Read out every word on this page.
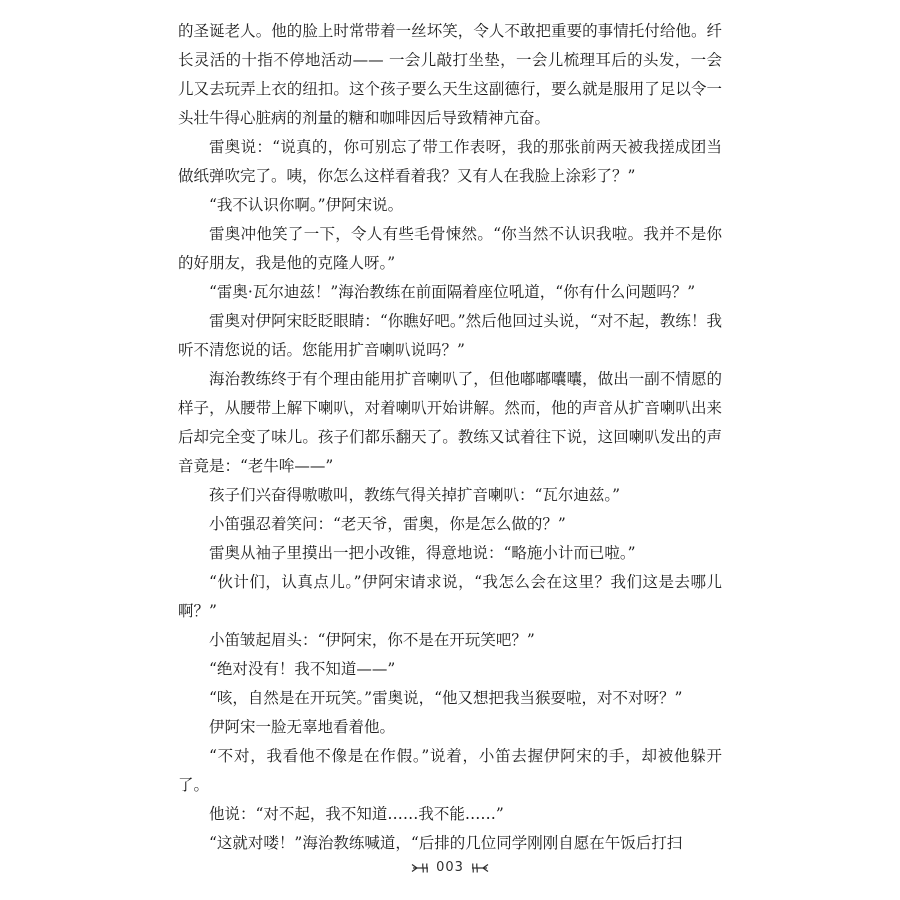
的圣诞老人。他的脸上时常带着一丝坏笑，令人不敢把重要的事情托付给他。纤长灵活的十指不停地活动—— 一会儿敲打坐垫，一会儿梳理耳后的头发，一会儿又去玩弄上衣的纽扣。这个孩子要么天生这副德行，要么就是服用了足以令一头壮牛得心脏病的剂量的糖和咖啡因后导致精神亢奋。

雷奥说：“说真的，你可别忘了带工作表呀，我的那张前两天被我搓成团当做纸弹吹完了。咦，你怎么这样看着我？又有人在我脸上涂彩了？”

“我不认识你啊。”伊阿宋说。

雷奥冲他笑了一下，令人有些毛骨悚然。“你当然不认识我啦。我并不是你的好朋友，我是他的克隆人呀。”

“雷奥·瓦尔迪兹！”海治教练在前面隔着座位吼道，“你有什么问题吗？”

雷奥对伊阿宋眨眨眼睛：“你瞧好吧。”然后他回过头说，“对不起，教练！我听不清您说的话。您能用扩音喇叭说吗？”

海治教练终于有个理由能用扩音喇叭了，但他嘟嘟囔囔，做出一副不情愿的样子，从腰带上解下喇叭，对着喇叭开始讲解。然而，他的声音从扩音喇叭出来后却完全变了味儿。孩子们都乐翻天了。教练又试着往下说，这回喇叭发出的声音竟是：“老牛哞——”

孩子们兴奋得嗷嗷叫，教练气得关掉扩音喇叭：“瓦尔迪兹。”

小笛强忍着笑问：“老天爷，雷奥，你是怎么做的？”

雷奥从袖子里摸出一把小改锥，得意地说：“略施小计而已啦。”

“伙计们，认真点儿。”伊阿宋请求说，“我怎么会在这里？我们这是去哪儿啊？”

小笛皱起眉头：“伊阿宋，你不是在开玩笑吧？”

“绝对没有！我不知道——”

“咳，自然是在开玩笑。”雷奥说，“他又想把我当猴耍啦，对不对呀？”

伊阿宋一脸无辜地看着他。

“不对，我看他不像是在作假。”说着，小笛去握伊阿宋的手，却被他躲开了。

他说：“对不起，我不知道……我不能……”

“这就对喽！”海治教练喊道，“后排的几位同学刚刚自愿在午饭后打扫

003
